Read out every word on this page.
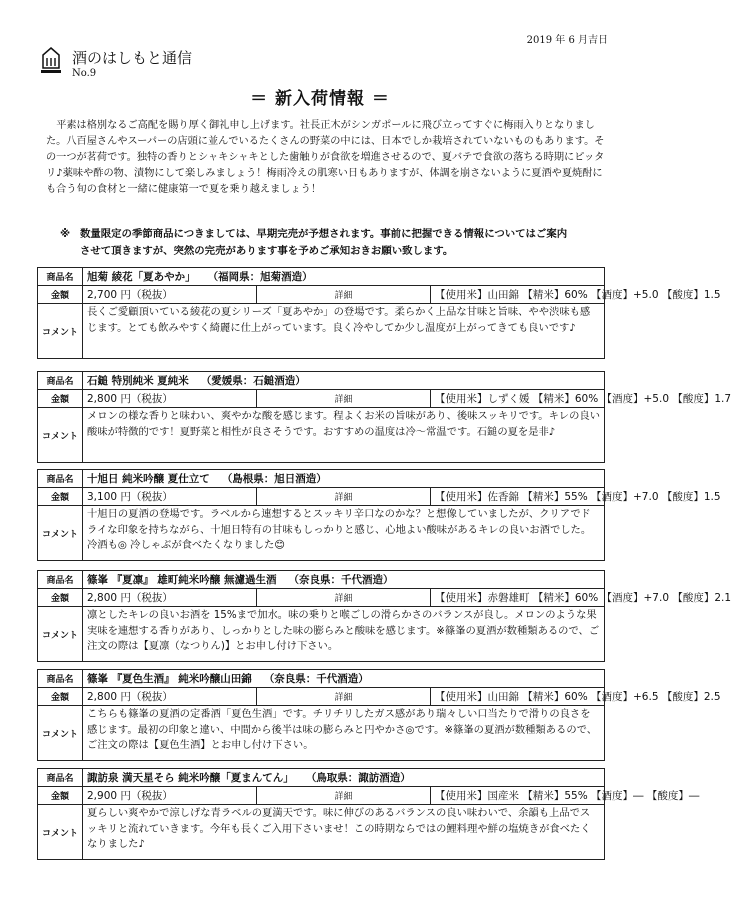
2019 年 6 月吉日
酒のはしもと通信
No.9
＝ 新入荷情報 ＝

平素は格別なるご高配を賜り厚く御礼申し上げます。社長正木がシンガポールに飛び立ってすぐに梅雨入りとなりました。八百屋さんやスーパーの店頭に並んでいるたくさんの野菜の中には、日本でしか栽培されていないものもあります。その一つが茗荷です。独特の香りとシャキシャキとした歯触りが食欲を増進させるので、夏バテで食欲の落ちる時期にピッタリ♪薬味や酢の物、漬物にして楽しみましょう！梅雨冷えの肌寒い日もありますが、体調を崩さないように夏酒や夏焼酎にも合う旬の食材と一緒に健康第一で夏を乗り越えましょう！

※ 数量限定の季節商品につきましては、早期完売が予想されます。事前に把握できる情報についてはご案内
させて頂きますが、突然の完売があります事を予めご承知おきお願い致します。
商品名	旭菊 綾花「夏あやか」 （福岡県：旭菊酒造）		
金額	2,700 円（税抜）	詳細	【使用米】山田錦 【精米】60% 【酒度】+5.0 【酸度】1.5
コメント	長くご愛顧頂いている綾花の夏シリーズ「夏あやか」の登場です。柔らかく上品な甘味と旨味、やや渋味も感じます。とても飲みやすく綺麗に仕上がっています。良く冷やしてか少し温度が上がってきても良いです♪		
商品名	石鎚 特別純米 夏純米 （愛媛県：石鎚酒造）		
金額	2,800 円（税抜）	詳細	【使用米】しずく媛 【精米】60% 【酒度】+5.0 【酸度】1.7
コメント	メロンの様な香りと味わい、爽やかな酸を感じます。程よくお米の旨味があり、後味スッキリです。キレの良い酸味が特徴的です！夏野菜と相性が良さそうです。おすすめの温度は冷～常温です。石鎚の夏を是非♪		
商品名	十旭日 純米吟醸 夏仕立て （島根県：旭日酒造）		
金額	3,100 円（税抜）	詳細	【使用米】佐香錦 【精米】55% 【酒度】+7.0 【酸度】1.5
コメント	十旭日の夏酒の登場です。ラベルから連想するとスッキリ辛口なのかな？と想像していましたが、クリアでドライな印象を持ちながら、十旭日特有の甘味もしっかりと感じ、心地よい酸味があるキレの良いお酒でした。冷酒も◎ 冷しゃぶが食べたくなりました😊		
商品名	篠峯 『夏凛』 雄町純米吟醸 無濾過生酒 （奈良県：千代酒造）		
金額	2,800 円（税抜）	詳細	【使用米】赤磐雄町 【精米】60% 【酒度】+7.0 【酸度】2.1
コメント	凛としたキレの良いお酒を 15%まで加水。味の乗りと喉ごしの滑らかさのバランスが良し。メロンのような果実味を連想する香りがあり、しっかりとした味の膨らみと酸味を感じます。※篠峯の夏酒が数種類あるので、ご注文の際は【夏凛（なつりん)】とお申し付け下さい。		
商品名	篠峯 『夏色生酒』 純米吟醸山田錦 （奈良県：千代酒造）		
金額	2,800 円（税抜）	詳細	【使用米】山田錦 【精米】60% 【酒度】+6.5 【酸度】2.5
コメント	こちらも篠峯の夏酒の定番酒「夏色生酒」です。チリチリしたガス感があり瑞々しい口当たりで滑りの良さを感じます。最初の印象と違い、中間から後半は味の膨らみと円やかさ◎です。※篠峯の夏酒が数種類あるので、ご注文の際は【夏色生酒】とお申し付け下さい。		
商品名	諏訪泉 満天星そら 純米吟醸「夏まんてん」 （鳥取県：諏訪酒造）		
金額	2,900 円（税抜）	詳細	【使用米】国産米 【精米】55% 【酒度】― 【酸度】―
コメント	夏らしい爽やかで涼しげな青ラベルの夏満天です。味に伸びのあるバランスの良い味わいで、余韻も上品でスッキリと流れていきます。今年も長くご入用下さいませ！この時期ならではの鯉料理や鮮の塩焼きが食べたくなりました♪		
